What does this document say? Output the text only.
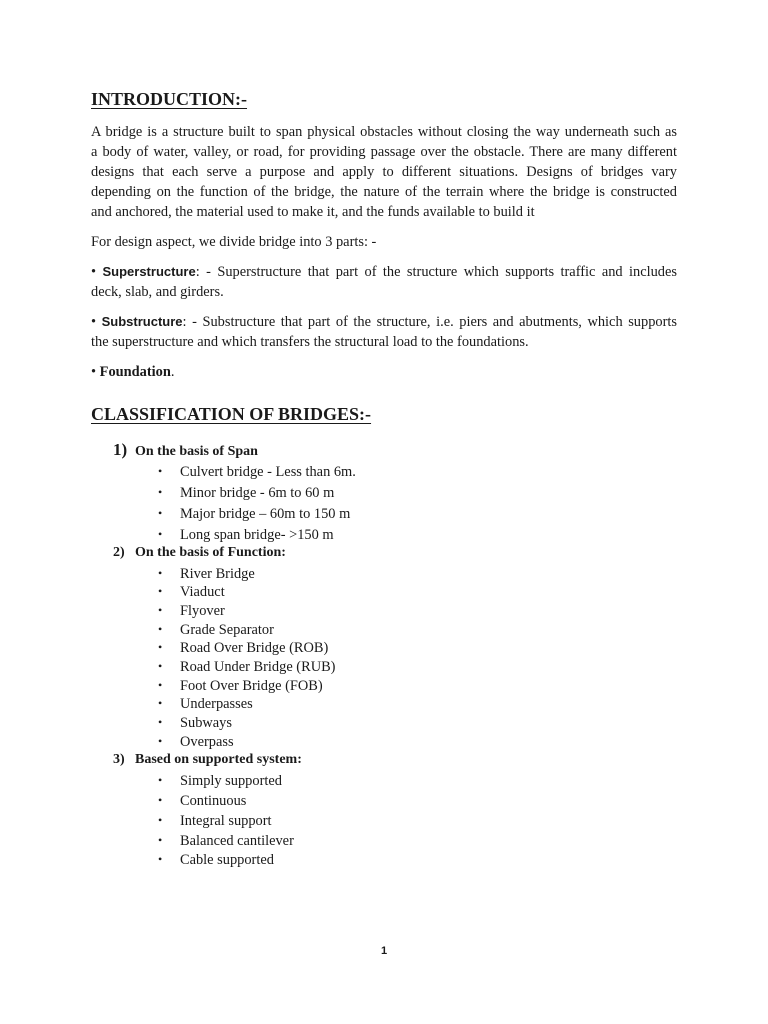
INTRODUCTION:-
A bridge is a structure built to span physical obstacles without closing the way underneath such as
a body of water, valley, or road, for providing passage over the obstacle. There are many different
designs that each serve a purpose and apply to different situations. Designs of bridges vary
depending on the function of the bridge, the nature of the terrain where the bridge is constructed
and anchored, the material used to make it, and the funds available to build it

For design aspect, we divide bridge into 3 parts: -

• Superstructure: - Superstructure that part of the structure which supports traffic and includes
deck, slab, and girders.
• Substructure: - Substructure that part of the structure, i.e. piers and abutments, which supports
the superstructure and which transfers the structural load to the foundations.

• Foundation.

CLASSIFICATION OF BRIDGES:-

1) On the basis of Span

• Culvert bridge - Less than 6m.

• Minor bridge - 6m to 60 m

• Major bridge – 60m to 150 m

• Long span bridge- >150 m

2) On the basis of Function:

• River Bridge

• Viaduct

• Flyover

• Grade Separator

• Road Over Bridge (ROB)

• Road Under Bridge (RUB)

• Foot Over Bridge (FOB)

• Underpasses

• Subways

• Overpass

3) Based on supported system:

• Simply supported

• Continuous

• Integral support

• Balanced cantilever

• Cable supported

1
